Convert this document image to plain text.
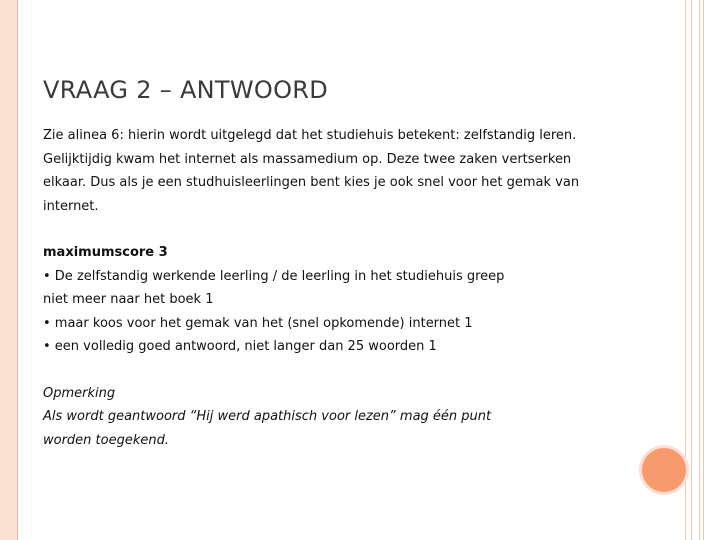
VRAAG 2 – ANTWOORD
Zie alinea 6: hierin wordt uitgelegd dat het studiehuis betekent: zelfstandig leren.
Gelijktijdig kwam het internet als massamedium op. Deze twee zaken vertserken
elkaar. Dus als je een studhuisleerlingen bent kies je ook snel voor het gemak van
internet.
maximumscore 3
• De zelfstandig werkende leerling / de leerling in het studiehuis greep
niet meer naar het boek 1
• maar koos voor het gemak van het (snel opkomende) internet 1
• een volledig goed antwoord, niet langer dan 25 woorden 1
Opmerking
Als wordt geantwoord “Hij werd apathisch voor lezen” mag één punt
worden toegekend.
